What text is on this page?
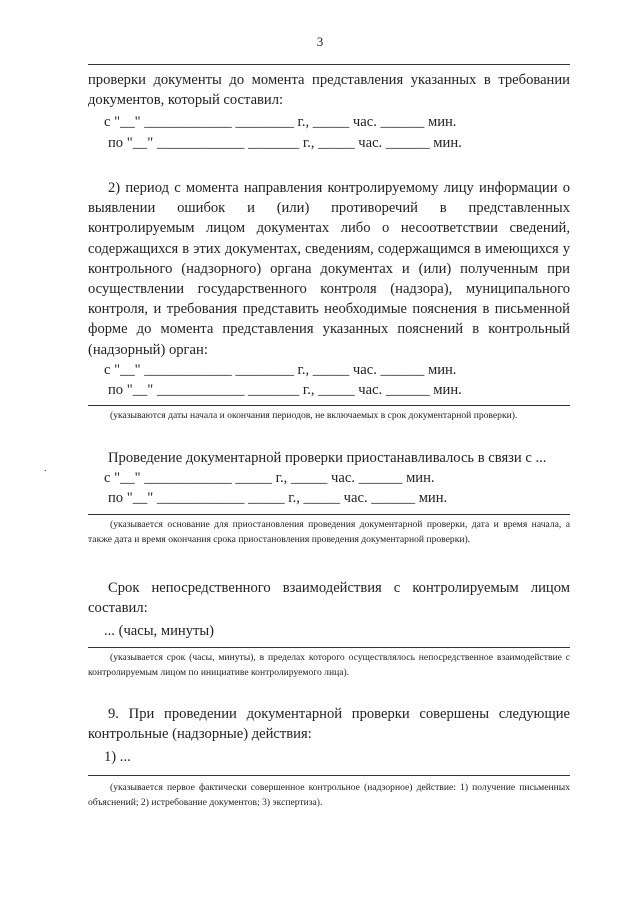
3

проверки документы до момента представления указанных в требовании документов, который составил:

с "__" ____________ ________ г., _____ час. ______ мин.

по "__" ____________ _______ г., _____ час. ______ мин.

2) период с момента направления контролируемому лицу информации о выявлении ошибок и (или) противоречий в представленных контролируемым лицом документах либо о несоответствии сведений, содержащихся в этих документах, сведениям, содержащимся в имеющихся у контрольного (надзорного) органа документах и (или) полученным при осуществлении государственного контроля (надзора), муниципального контроля, и требования представить необходимые пояснения в письменной форме до момента представления указанных пояснений в контрольный (надзорный) орган:

с "__" ____________ ________ г., _____ час. ______ мин.

по "__" ____________ _______ г., _____ час. ______ мин.

(указываются даты начала и окончания периодов, не включаемых в срок документарной проверки).

.

Проведение документарной проверки приостанавливалось в связи с ...

с "__" ____________ _____ г., _____ час. ______ мин.

по "__" ____________ _____ г., _____ час. ______ мин.

(указывается основание для приостановления проведения документарной проверки, дата и время начала, а также дата и время окончания срока приостановления проведения документарной проверки).

Срок непосредственного взаимодействия с контролируемым лицом составил:

... (часы, минуты)

(указывается срок (часы, минуты), в пределах которого осуществлялось непосредственное взаимодействие с контролируемым лицом по инициативе контролируемого лица).

9. При проведении документарной проверки совершены следующие контрольные (надзорные) действия:

1) ...

(указывается первое фактически совершенное контрольное (надзорное) действие: 1) получение письменных объяснений; 2) истребование документов; 3) экспертиза).
